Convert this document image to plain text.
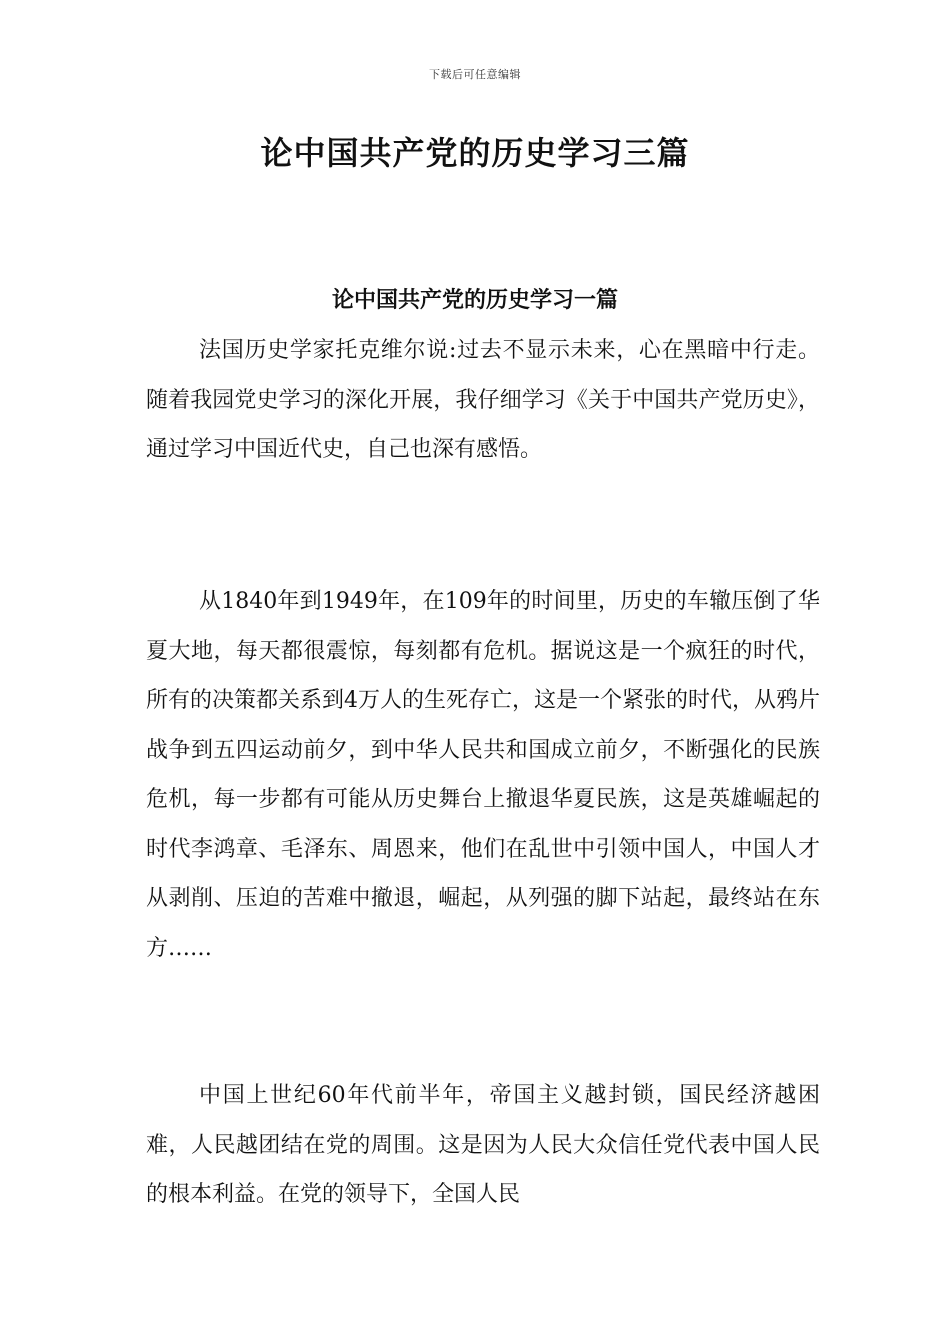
下载后可任意编辑
论中国共产党的历史学习三篇
论中国共产党的历史学习一篇

法国历史学家托克维尔说:过去不显示未来，心在黑暗中行走。随着我园党史学习的深化开展，我仔细学习《关于中国共产党历史》，通过学习中国近代史，自己也深有感悟。

从1840年到1949年，在109年的时间里，历史的车辙压倒了华夏大地，每天都很震惊，每刻都有危机。据说这是一个疯狂的时代，所有的决策都关系到4万人的生死存亡，这是一个紧张的时代，从鸦片战争到五四运动前夕，到中华人民共和国成立前夕，不断强化的民族危机，每一步都有可能从历史舞台上撤退华夏民族，这是英雄崛起的时代李鸿章、毛泽东、周恩来，他们在乱世中引领中国人，中国人才从剥削、压迫的苦难中撤退，崛起，从列强的脚下站起，最终站在东方……

中国上世纪60年代前半年，帝国主义越封锁，国民经济越困难，人民越团结在党的周围。这是因为人民大众信任党代表中国人民的根本利益。在党的领导下，全国人民
